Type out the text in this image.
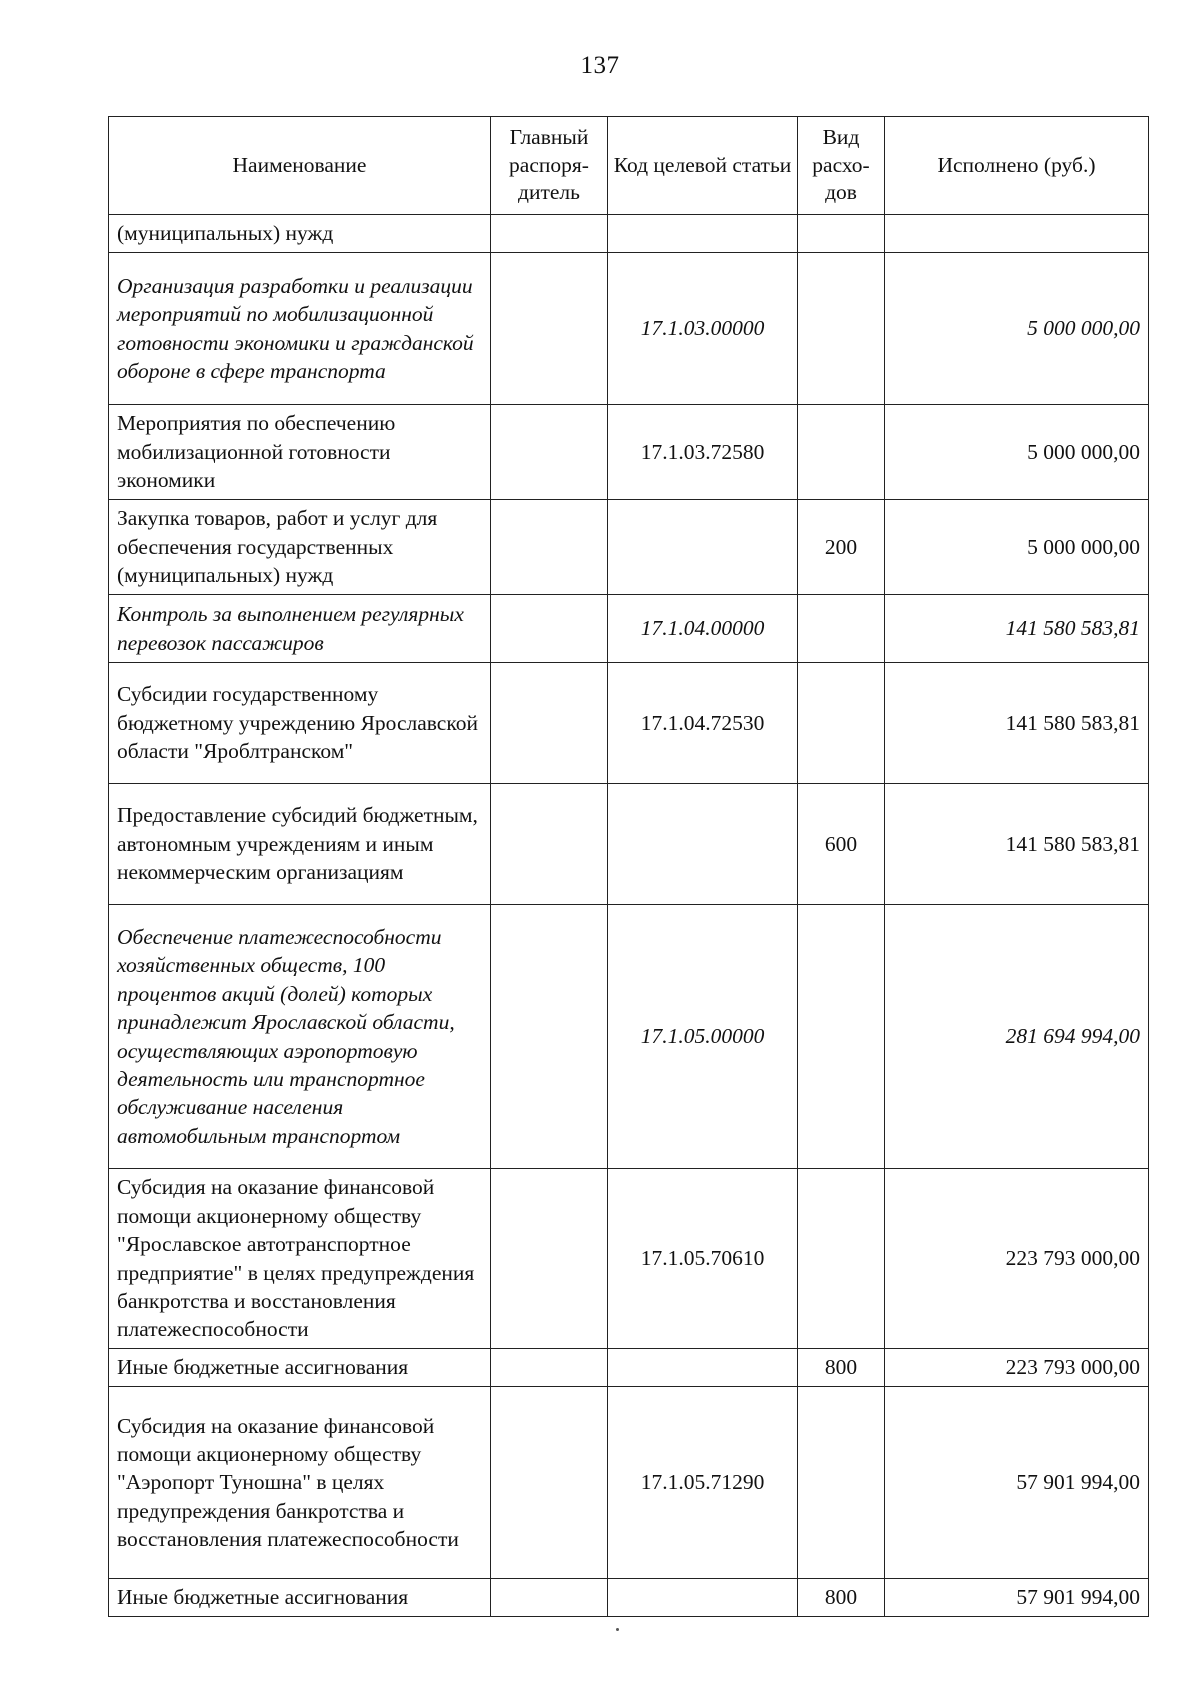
137
Наименование	Главный распоря-дитель	Код целевой статьи	Вид расхо-дов	Исполнено (руб.)
(муниципальных) нужд				
Организация разработки и реализации мероприятий по мобилизационной готовности экономики и гражданской обороне в сфере транспорта		17.1.03.00000		5 000 000,00
Мероприятия по обеспечению мобилизационной готовности экономики		17.1.03.72580		5 000 000,00
Закупка товаров, работ и услуг для обеспечения государственных (муниципальных) нужд			200	5 000 000,00
Контроль за выполнением регулярных перевозок пассажиров		17.1.04.00000		141 580 583,81
Субсидии государственному бюджетному учреждению Ярославской области "Яроблтранском"		17.1.04.72530		141 580 583,81
Предоставление субсидий бюджетным, автономным учреждениям и иным некоммерческим организациям			600	141 580 583,81
Обеспечение платежеспособности хозяйственных обществ, 100 процентов акций (долей) которых принадлежит Ярославской области, осуществляющих аэропортовую деятельность или транспортное обслуживание населения автомобильным транспортом		17.1.05.00000		281 694 994,00
Субсидия на оказание финансовой помощи акционерному обществу "Ярославское автотранспортное предприятие" в целях предупреждения банкротства и восстановления платежеспособности		17.1.05.70610		223 793 000,00
Иные бюджетные ассигнования			800	223 793 000,00
Субсидия на оказание финансовой помощи акционерному обществу "Аэропорт Туношна" в целях предупреждения банкротства и восстановления платежеспособности		17.1.05.71290		57 901 994,00
Иные бюджетные ассигнования			800	57 901 994,00
